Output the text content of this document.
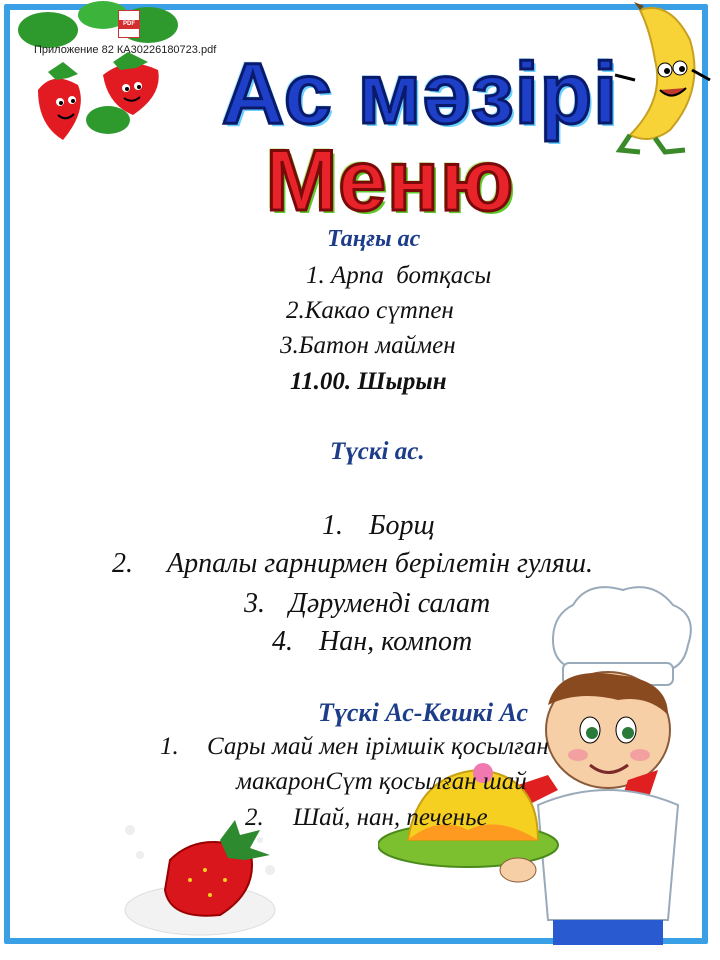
PDF
Приложение 82 КА30226180723.pdf Ас мәзірі
Меню
Таңғы ас
1. Арпа  ботқасы
2.Какао сүтпен
3.Батон маймен
11.00. Шырын
Түскі ас.
1. Борщ
2. Арпалы гарнирмен берілетін гуляш.
3. Дәруменді салат
4. Нан, компот
Түскі Ас-Кешкі Ас
1. Сары май мен ірімшік қосылған
макаронСүт қосылған шай
2. Шай, нан, печенье
